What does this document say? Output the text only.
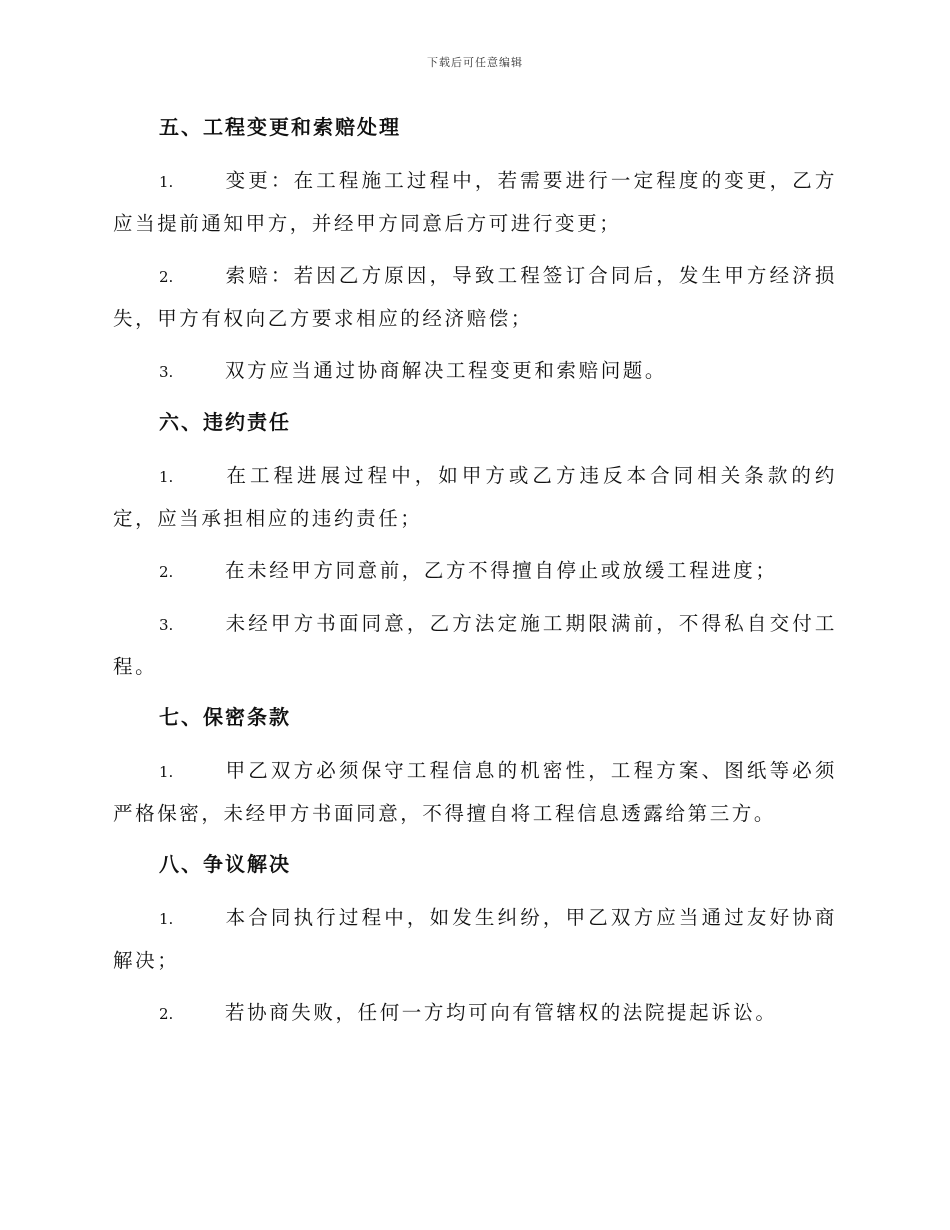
下载后可任意编辑
五、工程变更和索赔处理

1.	变更：在工程施工过程中，若需要进行一定程度的变更，乙方应当提前通知甲方，并经甲方同意后方可进行变更；

2.	索赔：若因乙方原因，导致工程签订合同后，发生甲方经济损失，甲方有权向乙方要求相应的经济赔偿；

3.	双方应当通过协商解决工程变更和索赔问题。

六、违约责任

1.	在工程进展过程中，如甲方或乙方违反本合同相关条款的约定，应当承担相应的违约责任；

2.	在未经甲方同意前，乙方不得擅自停止或放缓工程进度；

3.	未经甲方书面同意，乙方法定施工期限满前，不得私自交付工程。

七、保密条款

1.	甲乙双方必须保守工程信息的机密性，工程方案、图纸等必须严格保密，未经甲方书面同意，不得擅自将工程信息透露给第三方。

八、争议解决

1.	本合同执行过程中，如发生纠纷，甲乙双方应当通过友好协商解决；

2.	若协商失败，任何一方均可向有管辖权的法院提起诉讼。
